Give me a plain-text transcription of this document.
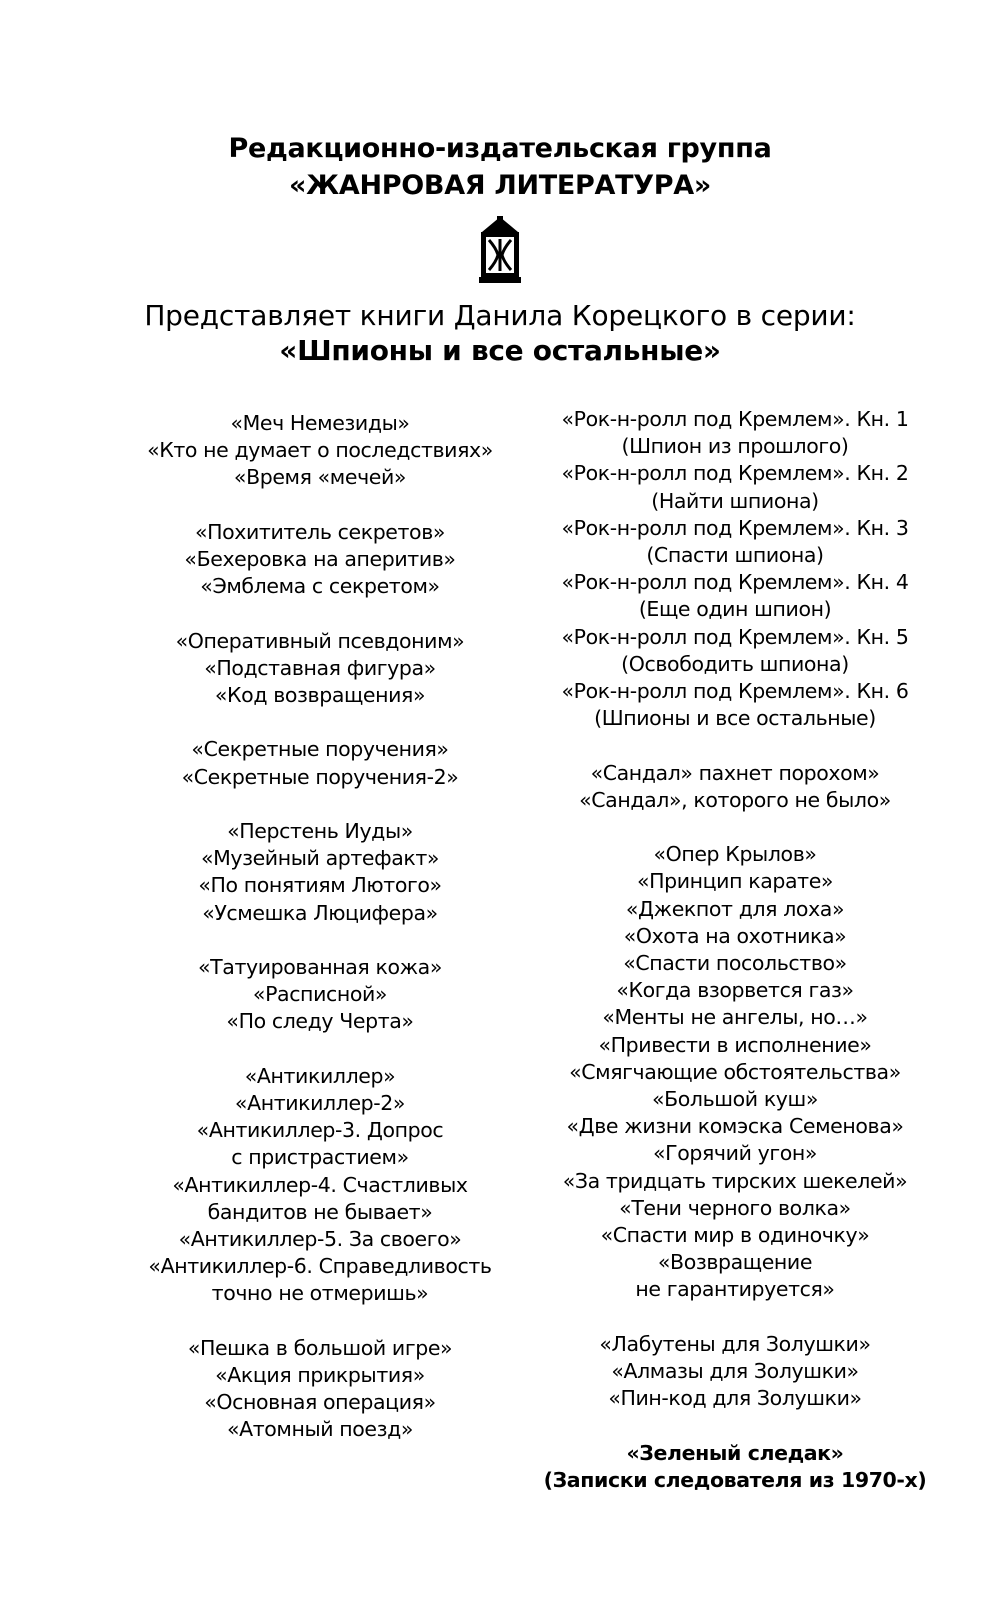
Редакционно-издательская группа
«ЖАНРОВАЯ ЛИТЕРАТУРА»
Представляет книги Данила Корецкого в серии:
«Шпионы и все остальные»
«Меч Немезиды»
«Кто не думает о последствиях»
«Время «мечей»
«Похититель секретов»
«Бехеровка на аперитив»
«Эмблема с секретом»
«Оперативный псевдоним»
«Подставная фигура»
«Код возвращения»
«Секретные поручения»
«Секретные поручения-2»
«Перстень Иуды»
«Музейный артефакт»
«По понятиям Лютого»
«Усмешка Люцифера»
«Татуированная кожа»
«Расписной»
«По следу Черта»
«Антикиллер»
«Антикиллер-2»
«Антикиллер-3. Допрос
с пристрастием»
«Антикиллер-4. Счастливых
бандитов не бывает»
«Антикиллер-5. За своего»
«Антикиллер-6. Справедливость
точно не отмеришь»
«Пешка в большой игре»
«Акция прикрытия»
«Основная операция»
«Атомный поезд»
«Рок-н-ролл под Кремлем». Кн. 1
(Шпион из прошлого)
«Рок-н-ролл под Кремлем». Кн. 2
(Найти шпиона)
«Рок-н-ролл под Кремлем». Кн. 3
(Спасти шпиона)
«Рок-н-ролл под Кремлем». Кн. 4
(Еще один шпион)
«Рок-н-ролл под Кремлем». Кн. 5
(Освободить шпиона)
«Рок-н-ролл под Кремлем». Кн. 6
(Шпионы и все остальные)
«Сандал» пахнет порохом»
«Сандал», которого не было»
«Опер Крылов»
«Принцип карате»
«Джекпот для лоха»
«Охота на охотника»
«Спасти посольство»
«Когда взорвется газ»
«Менты не ангелы, но…»
«Привести в исполнение»
«Смягчающие обстоятельства»
«Большой куш»
«Две жизни комэска Семенова»
«Горячий угон»
«За тридцать тирских шекелей»
«Тени черного волка»
«Спасти мир в одиночку»
«Возвращение
не гарантируется»
«Лабутены для Золушки»
«Алмазы для Золушки»
«Пин-код для Золушки»
«Зеленый следак»
(Записки следователя из 1970-х)
